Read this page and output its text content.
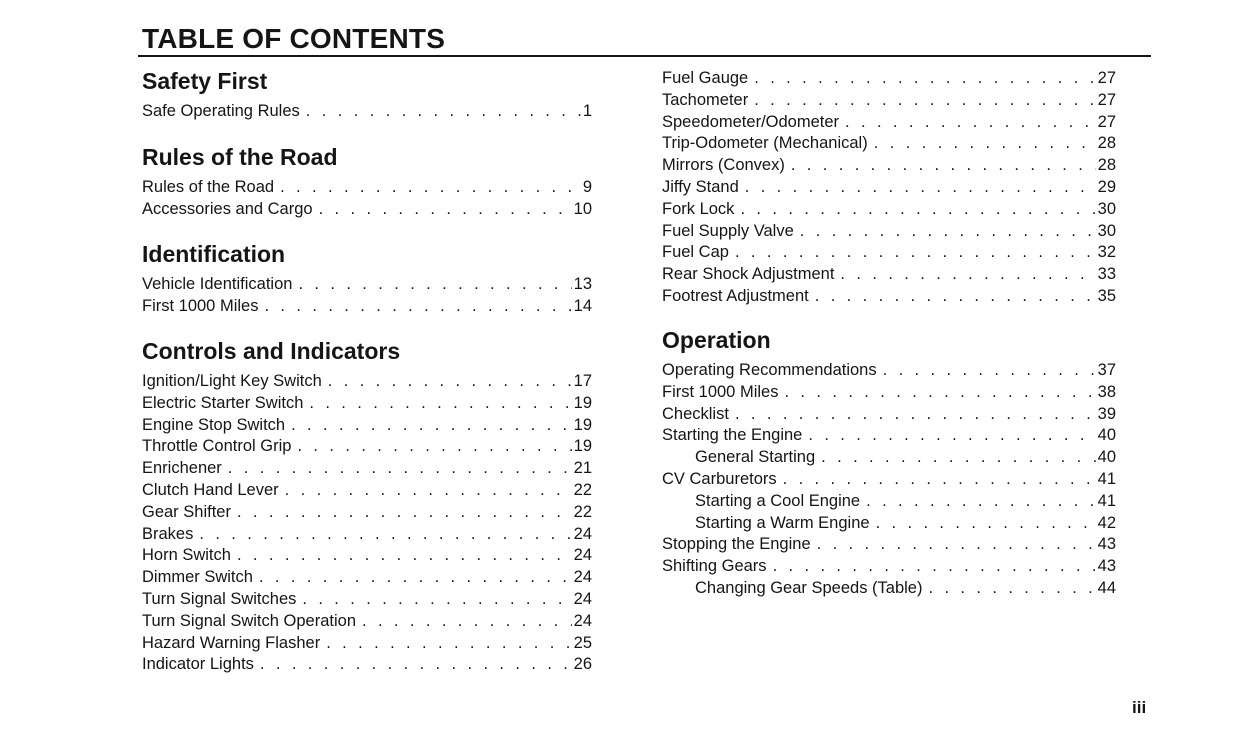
TABLE OF CONTENTS
Safety First
Safe Operating Rules . . .	1
Rules of the Road
Rules of the Road . . .	9
Accessories and Cargo . . .	10
Identification
Vehicle Identification . . .	13
First 1000 Miles . . .	14
Controls and Indicators
Ignition/Light Key Switch . . .	17
Electric Starter Switch . . .	19
Engine Stop Switch . . .	19
Throttle Control Grip . . .	19
Enrichener . . .	21
Clutch Hand Lever . . .	22
Gear Shifter . . .	22
Brakes . . .	24
Horn Switch . . .	24
Dimmer Switch . . .	24
Turn Signal Switches . . .	24
Turn Signal Switch Operation . . .	24
Hazard Warning Flasher . . .	25
Indicator Lights . . .	26
Fuel Gauge . . .	27
Tachometer . . .	27
Speedometer/Odometer . . .	27
Trip-Odometer (Mechanical) . . .	28
Mirrors (Convex) . . .	28
Jiffy Stand . . .	29
Fork Lock . . .	30
Fuel Supply Valve . . .	30
Fuel Cap . . .	32
Rear Shock Adjustment . . .	33
Footrest Adjustment . . .	35
Operation
Operating Recommendations . . .	37
First 1000 Miles . . .	38
Checklist . . .	39
Starting the Engine . . .	40
General Starting . . .	40
CV Carburetors . . .	41
Starting a Cool Engine . . .	41
Starting a Warm Engine . . .	42
Stopping the Engine . . .	43
Shifting Gears . . .	43
Changing Gear Speeds (Table) . . .	44
iii
